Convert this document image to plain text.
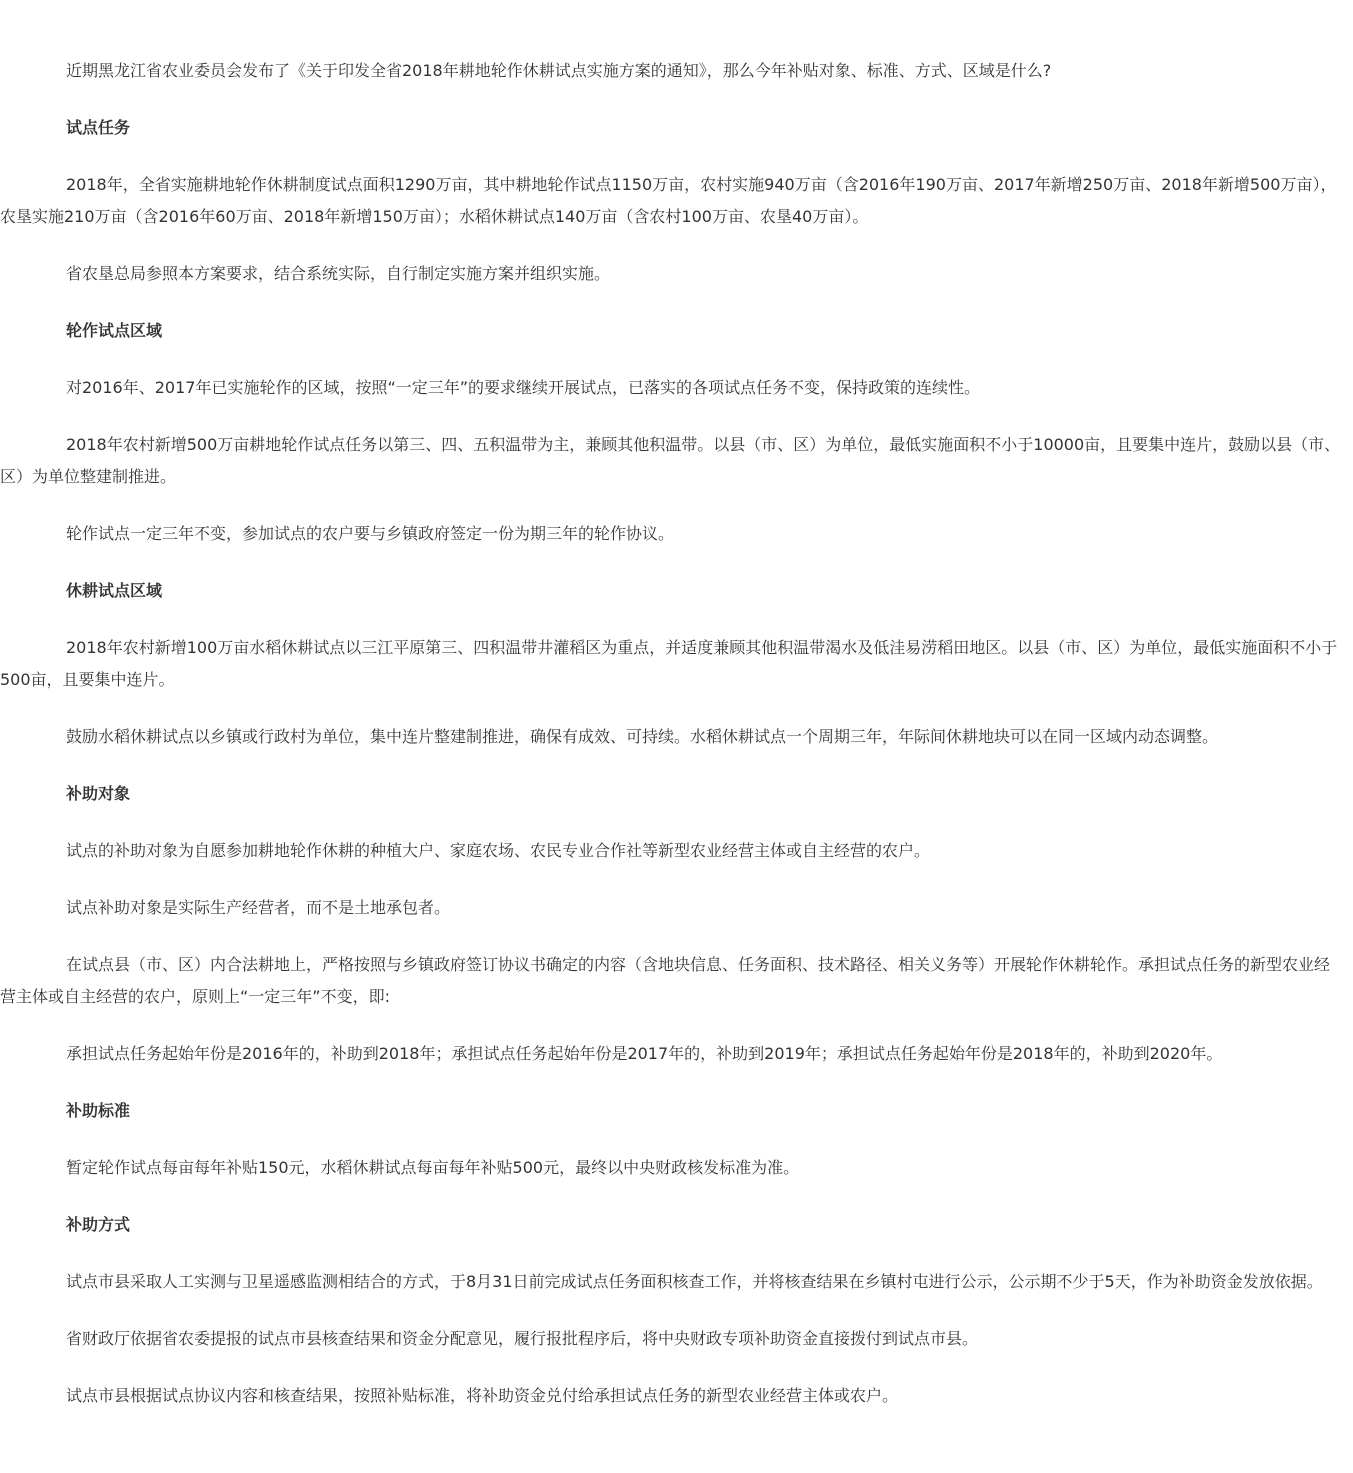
近期黑龙江省农业委员会发布了《关于印发全省2018年耕地轮作休耕试点实施方案的通知》，那么今年补贴对象、标准、方式、区域是什么?

试点任务

2018年，全省实施耕地轮作休耕制度试点面积1290万亩，其中耕地轮作试点1150万亩，农村实施940万亩（含2016年190万亩、2017年新增250万亩、2018年新增500万亩），农垦实施210万亩（含2016年60万亩、2018年新增150万亩）；水稻休耕试点140万亩（含农村100万亩、农垦40万亩）。

省农垦总局参照本方案要求，结合系统实际，自行制定实施方案并组织实施。

轮作试点区域

对2016年、2017年已实施轮作的区域，按照“一定三年”的要求继续开展试点，已落实的各项试点任务不变，保持政策的连续性。

2018年农村新增500万亩耕地轮作试点任务以第三、四、五积温带为主，兼顾其他积温带。以县（市、区）为单位，最低实施面积不小于10000亩，且要集中连片，鼓励以县（市、区）为单位整建制推进。

轮作试点一定三年不变，参加试点的农户要与乡镇政府签定一份为期三年的轮作协议。

休耕试点区域

2018年农村新增100万亩水稻休耕试点以三江平原第三、四积温带井灌稻区为重点，并适度兼顾其他积温带渴水及低洼易涝稻田地区。以县（市、区）为单位，最低实施面积不小于500亩，且要集中连片。

鼓励水稻休耕试点以乡镇或行政村为单位，集中连片整建制推进，确保有成效、可持续。水稻休耕试点一个周期三年，年际间休耕地块可以在同一区域内动态调整。

补助对象

试点的补助对象为自愿参加耕地轮作休耕的种植大户、家庭农场、农民专业合作社等新型农业经营主体或自主经营的农户。

试点补助对象是实际生产经营者，而不是土地承包者。

在试点县（市、区）内合法耕地上，严格按照与乡镇政府签订协议书确定的内容（含地块信息、任务面积、技术路径、相关义务等）开展轮作休耕轮作。承担试点任务的新型农业经营主体或自主经营的农户，原则上“一定三年”不变，即:

承担试点任务起始年份是2016年的，补助到2018年；承担试点任务起始年份是2017年的，补助到2019年；承担试点任务起始年份是2018年的，补助到2020年。

补助标准

暂定轮作试点每亩每年补贴150元，水稻休耕试点每亩每年补贴500元，最终以中央财政核发标准为准。

补助方式

试点市县采取人工实测与卫星遥感监测相结合的方式，于8月31日前完成试点任务面积核查工作，并将核查结果在乡镇村屯进行公示，公示期不少于5天，作为补助资金发放依据。

省财政厅依据省农委提报的试点市县核查结果和资金分配意见，履行报批程序后，将中央财政专项补助资金直接拨付到试点市县。

试点市县根据试点协议内容和核查结果，按照补贴标准，将补助资金兑付给承担试点任务的新型农业经营主体或农户。
